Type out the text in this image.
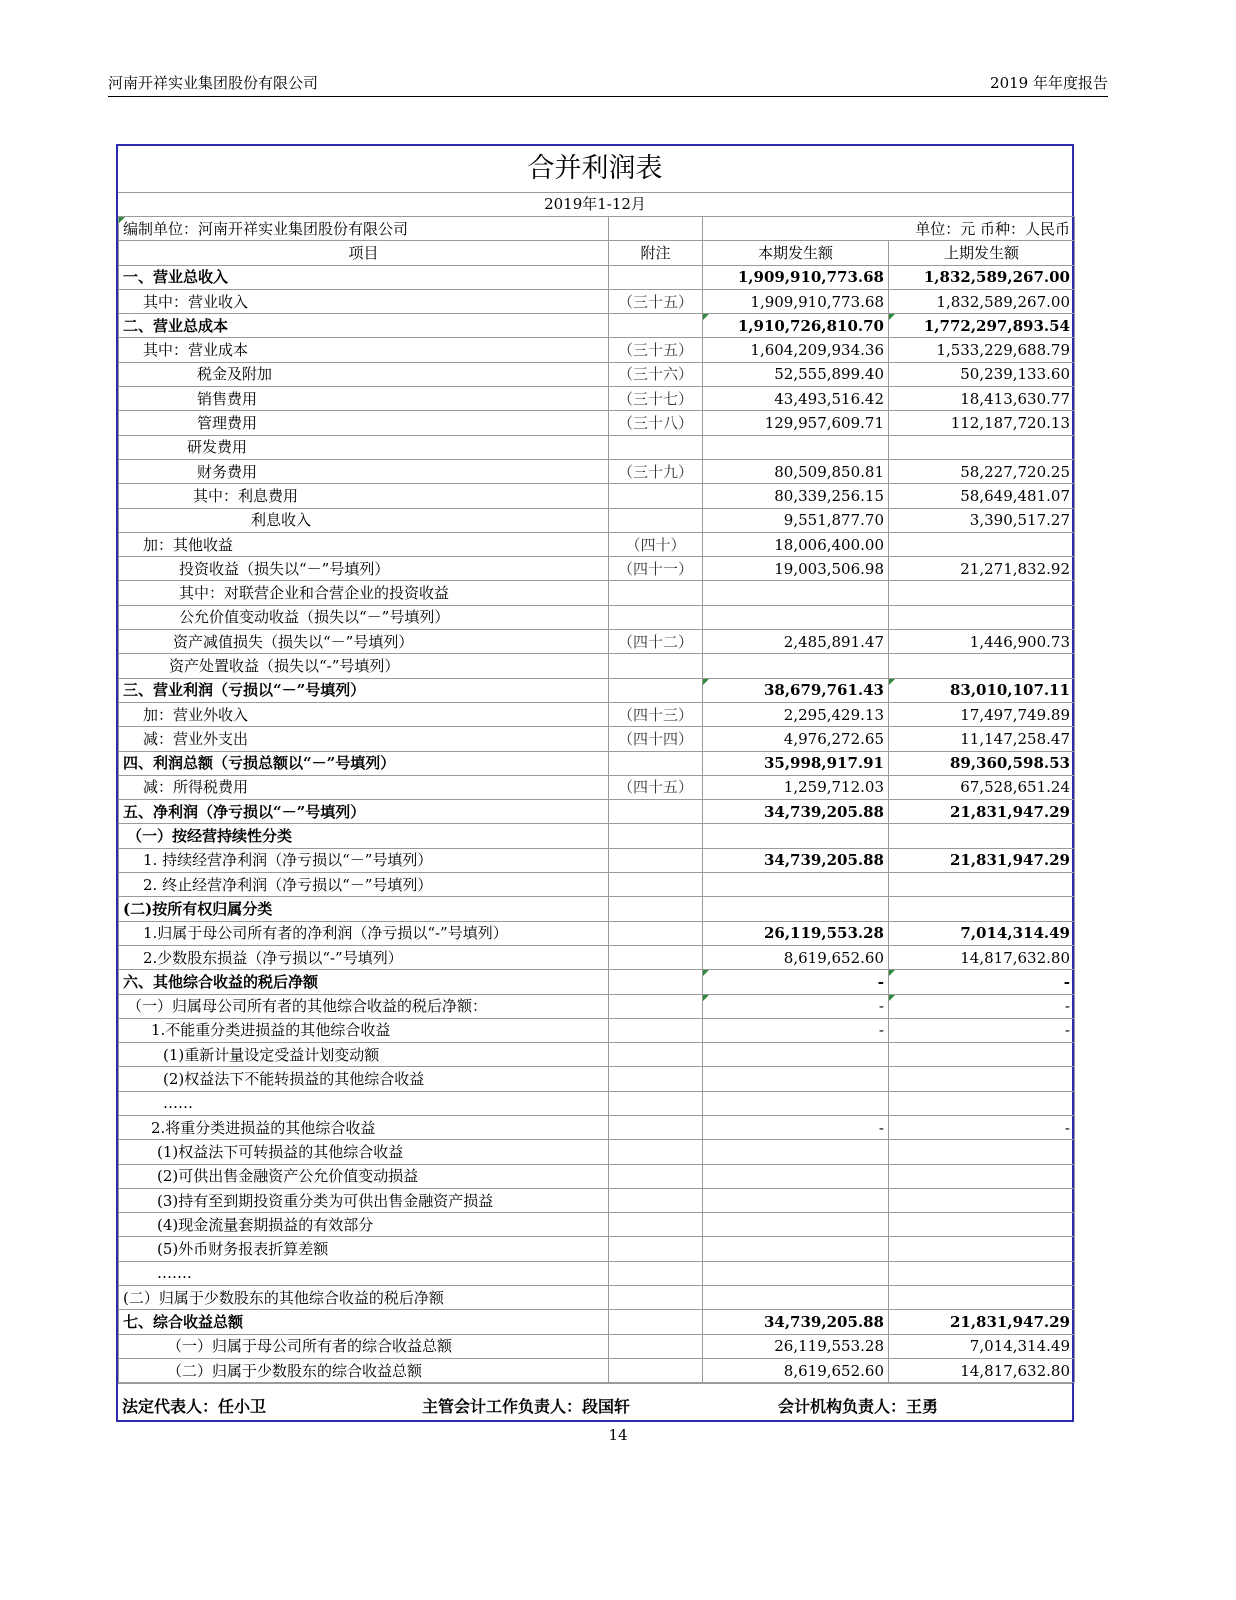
河南开祥实业集团股份有限公司	2019 年年度报告
合并利润表
2019年1-12月
编制单位：河南开祥实业集团股份有限公司		单位：元 币种：人民币	
项目	附注	本期发生额	上期发生额
一、营业总收入		1,909,910,773.68	1,832,589,267.00
其中：营业收入	（三十五）	1,909,910,773.68	1,832,589,267.00
二、营业总成本		1,910,726,810.70	1,772,297,893.54
其中：营业成本	（三十五）	1,604,209,934.36	1,533,229,688.79
税金及附加	（三十六）	52,555,899.40	50,239,133.60
销售费用	（三十七）	43,493,516.42	18,413,630.77
管理费用	（三十八）	129,957,609.71	112,187,720.13
研发费用			
财务费用	（三十九）	80,509,850.81	58,227,720.25
其中：利息费用		80,339,256.15	58,649,481.07
利息收入		9,551,877.70	3,390,517.27
加：其他收益	（四十）	18,006,400.00	
投资收益（损失以“－”号填列）	（四十一）	19,003,506.98	21,271,832.92
其中：对联营企业和合营企业的投资收益			
公允价值变动收益（损失以“－”号填列）			
资产减值损失（损失以“－”号填列）	（四十二）	2,485,891.47	1,446,900.73
资产处置收益（损失以“-”号填列）			
三、营业利润（亏损以“－”号填列）		38,679,761.43	83,010,107.11
加：营业外收入	（四十三）	2,295,429.13	17,497,749.89
减：营业外支出	（四十四）	4,976,272.65	11,147,258.47
四、利润总额（亏损总额以“－”号填列）		35,998,917.91	89,360,598.53
减：所得税费用	（四十五）	1,259,712.03	67,528,651.24
五、净利润（净亏损以“－”号填列）		34,739,205.88	21,831,947.29
（一）按经营持续性分类			
1. 持续经营净利润（净亏损以“－”号填列）		34,739,205.88	21,831,947.29
2. 终止经营净利润（净亏损以“－”号填列）			
(二)按所有权归属分类			
1.归属于母公司所有者的净利润（净亏损以“-”号填列）		26,119,553.28	7,014,314.49
2.少数股东损益（净亏损以“-”号填列）		8,619,652.60	14,817,632.80
六、其他综合收益的税后净额		-	-
（一）归属母公司所有者的其他综合收益的税后净额：		-	-
1.不能重分类进损益的其他综合收益		-	-
(1)重新计量设定受益计划变动额			
(2)权益法下不能转损益的其他综合收益			
……			
2.将重分类进损益的其他综合收益		-	-
(1)权益法下可转损益的其他综合收益			
(2)可供出售金融资产公允价值变动损益			
(3)持有至到期投资重分类为可供出售金融资产损益			
(4)现金流量套期损益的有效部分			
(5)外币财务报表折算差额			
…….			
(二）归属于少数股东的其他综合收益的税后净额			
七、综合收益总额		34,739,205.88	21,831,947.29
（一）归属于母公司所有者的综合收益总额		26,119,553.28	7,014,314.49
（二）归属于少数股东的综合收益总额		8,619,652.60	14,817,632.80
法定代表人：任小卫	主管会计工作负责人：段国轩	会计机构负责人：王勇
14
